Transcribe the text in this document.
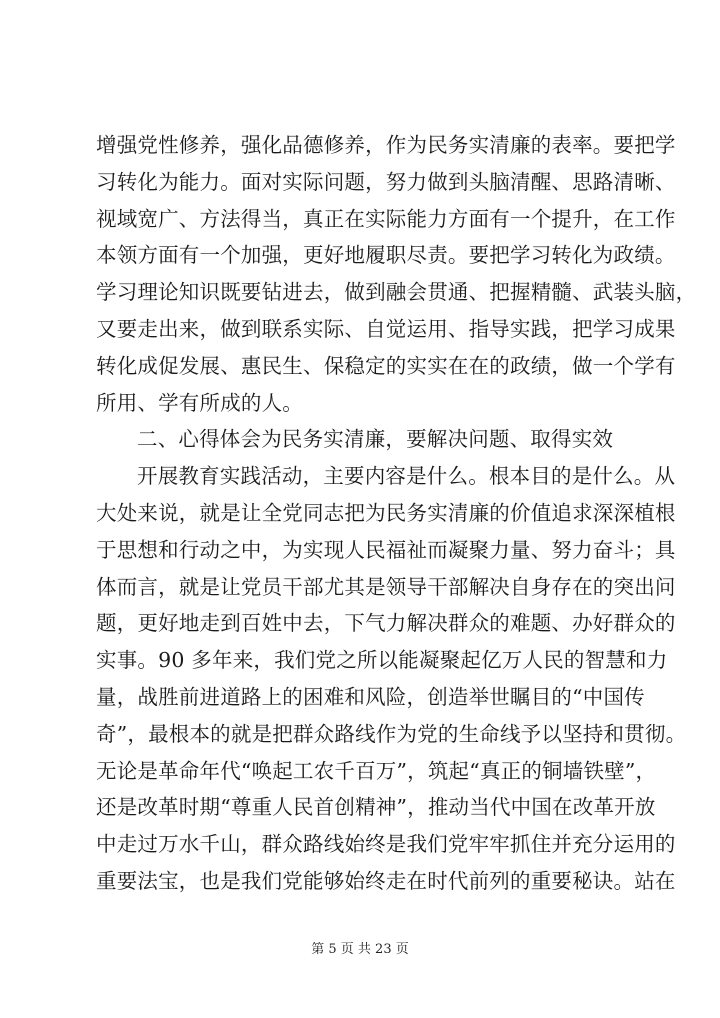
增强党性修养，强化品德修养，作为民务实清廉的表率。要把学
习转化为能力。面对实际问题，努力做到头脑清醒、思路清晰、
视域宽广、方法得当，真正在实际能力方面有一个提升，在工作
本领方面有一个加强，更好地履职尽责。要把学习转化为政绩。
学习理论知识既要钻进去，做到融会贯通、把握精髓、武装头脑，
又要走出来，做到联系实际、自觉运用、指导实践，把学习成果
转化成促发展、惠民生、保稳定的实实在在的政绩，做一个学有
所用、学有所成的人。
二、心得体会为民务实清廉，要解决问题、取得实效
开展教育实践活动，主要内容是什么。根本目的是什么。从
大处来说，就是让全党同志把为民务实清廉的价值追求深深植根
于思想和行动之中，为实现人民福祉而凝聚力量、努力奋斗；具
体而言，就是让党员干部尤其是领导干部解决自身存在的突出问
题，更好地走到百姓中去，下气力解决群众的难题、办好群众的
实事。90 多年来，我们党之所以能凝聚起亿万人民的智慧和力
量，战胜前进道路上的困难和风险，创造举世瞩目的“中国传
奇”，最根本的就是把群众路线作为党的生命线予以坚持和贯彻。
无论是革命年代“唤起工农千百万”，筑起“真正的铜墙铁壁”，
还是改革时期“尊重人民首创精神”，推动当代中国在改革开放
中走过万水千山，群众路线始终是我们党牢牢抓住并充分运用的
重要法宝，也是我们党能够始终走在时代前列的重要秘诀。站在
第 5 页 共 23 页
